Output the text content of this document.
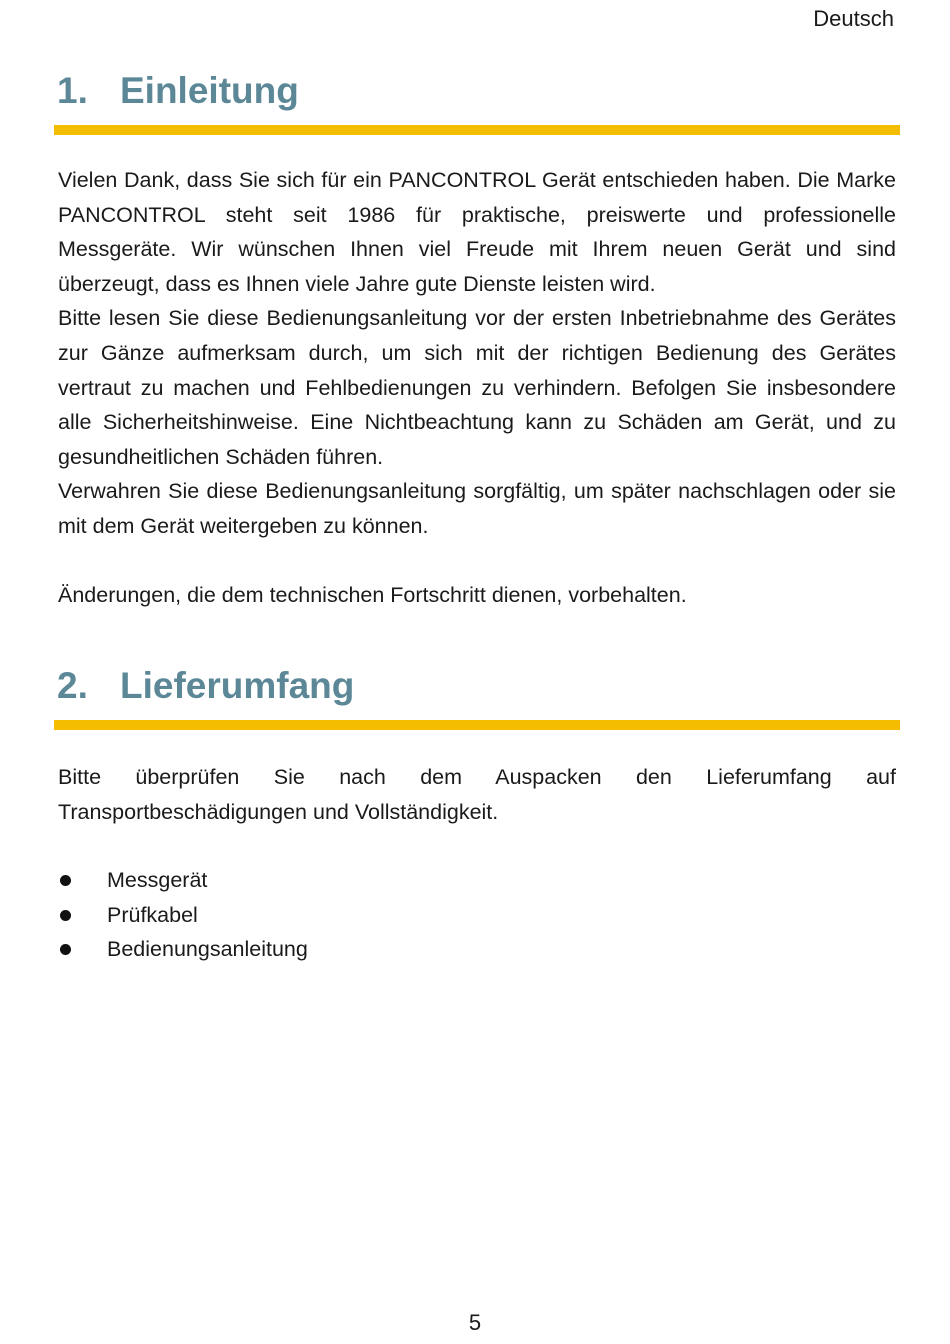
Deutsch
1. Einleitung

Vielen Dank, dass Sie sich für ein PANCONTROL Gerät entschieden haben. Die Marke PANCONTROL steht seit 1986 für praktische, preiswerte und professionelle Messgeräte. Wir wünschen Ihnen viel Freude mit Ihrem neuen Gerät und sind überzeugt, dass es Ihnen viele Jahre gute Dienste leisten wird.

Bitte lesen Sie diese Bedienungsanleitung vor der ersten Inbetriebnahme des Gerätes zur Gänze aufmerksam durch, um sich mit der richtigen Bedienung des Gerätes vertraut zu machen und Fehlbedienungen zu verhindern. Befolgen Sie insbesondere alle Sicherheitshinweise. Eine Nichtbeachtung kann zu Schäden am Gerät, und zu gesundheitlichen Schäden führen.

Verwahren Sie diese Bedienungsanleitung sorgfältig, um später nachschlagen oder sie mit dem Gerät weitergeben zu können.

Änderungen, die dem technischen Fortschritt dienen, vorbehalten.

2. Lieferumfang

Bitte überprüfen Sie nach dem Auspacken den Lieferumfang auf Transportbeschädigungen und Vollständigkeit.

Messgerät
Prüfkabel
Bedienungsanleitung
5
